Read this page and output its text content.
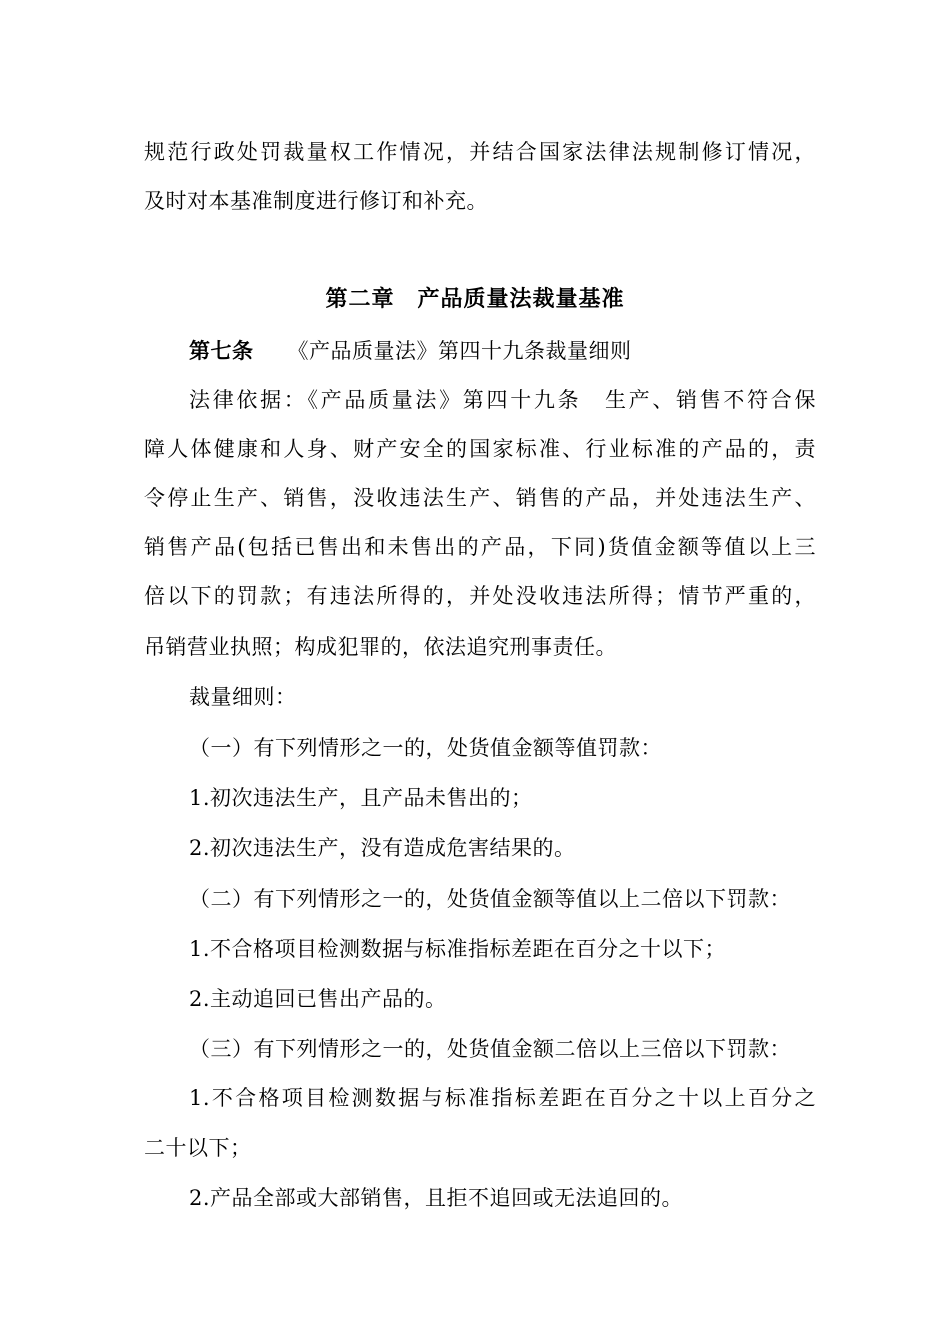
规范行政处罚裁量权工作情况，并结合国家法律法规制修订情况，
及时对本基准制度进行修订和补充。
第二章　产品质量法裁量基准
第七条 《产品质量法》第四十九条裁量细则
法律依据：《产品质量法》第四十九条　生产、销售不符合保
障人体健康和人身、财产安全的国家标准、行业标准的产品的，责
令停止生产、销售，没收违法生产、销售的产品，并处违法生产、
销售产品(包括已售出和未售出的产品，下同)货值金额等值以上三
倍以下的罚款；有违法所得的，并处没收违法所得；情节严重的，
吊销营业执照；构成犯罪的，依法追究刑事责任。
裁量细则：
（一）有下列情形之一的，处货值金额等值罚款：
1.初次违法生产，且产品未售出的；
2.初次违法生产，没有造成危害结果的。
（二）有下列情形之一的，处货值金额等值以上二倍以下罚款：
1.不合格项目检测数据与标准指标差距在百分之十以下；
2.主动追回已售出产品的。
（三）有下列情形之一的，处货值金额二倍以上三倍以下罚款：
1.不合格项目检测数据与标准指标差距在百分之十以上百分之
二十以下；
2.产品全部或大部销售，且拒不追回或无法追回的。
